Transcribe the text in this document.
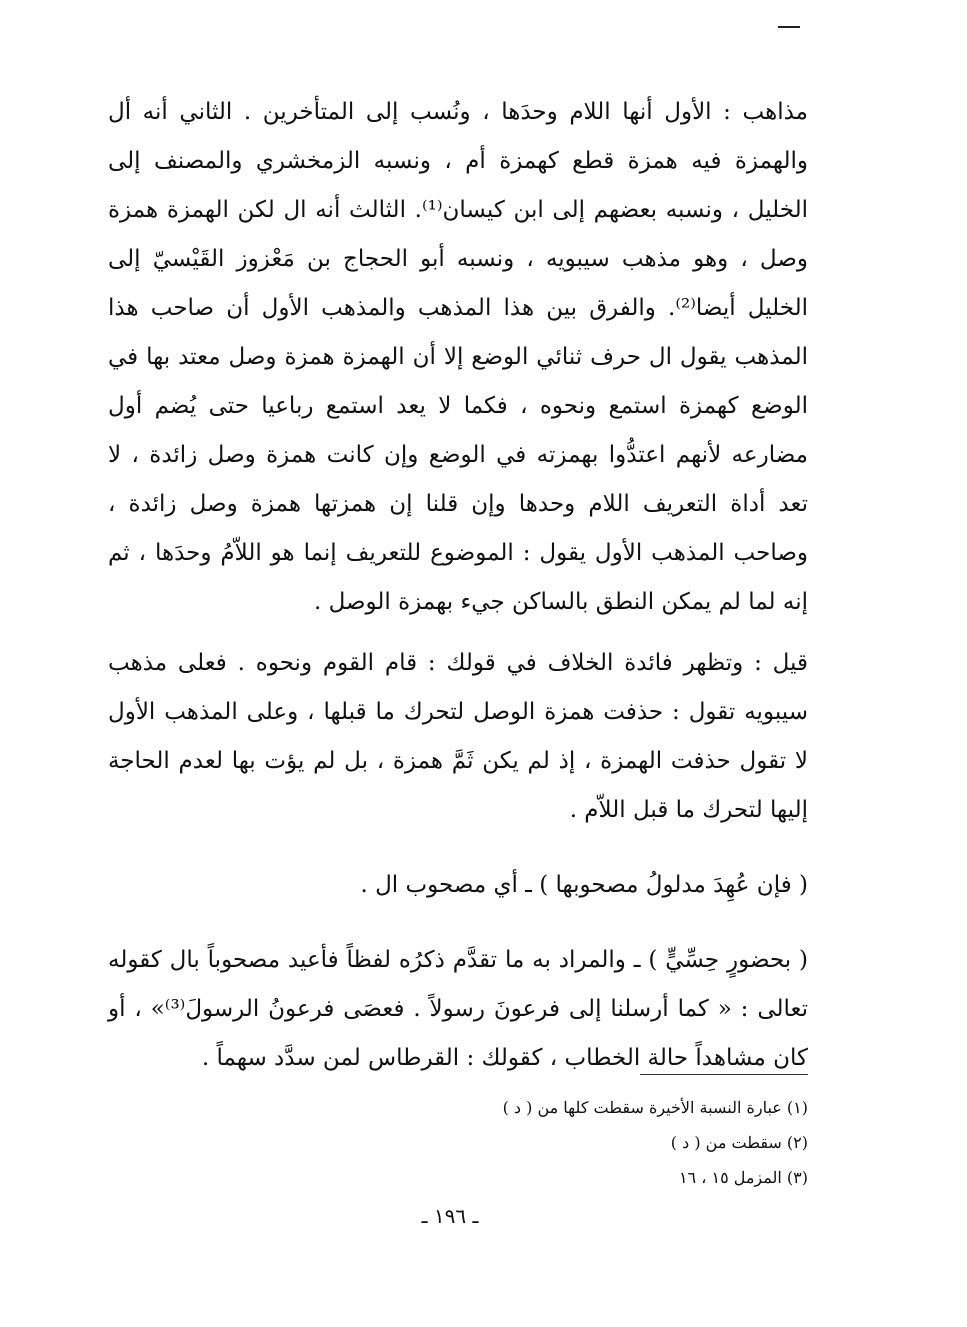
مذاهب : الأول أنها اللام وحدَها ، ونُسب إلى المتأخرين . الثاني أنه أل والهمزة فيه همزة قطع كهمزة أم ، ونسبه الزمخشري والمصنف إلى الخليل ، ونسبه بعضهم إلى ابن كيسان⁽¹⁾. الثالث أنه ال لكن الهمزة همزة وصل ، وهو مذهب سيبويه ، ونسبه أبو الحجاج بن مَعْزوز القَيْسيّ إلى الخليل أيضا⁽²⁾. والفرق بين هذا المذهب والمذهب الأول أن صاحب هذا المذهب يقول ال حرف ثنائي الوضع إلا أن الهمزة همزة وصل معتد بها في الوضع كهمزة استمع ونحوه ، فكما لا يعد استمع رباعيا حتى يُضم أول مضارعه لأنهم اعتدُّوا بهمزته في الوضع وإن كانت همزة وصل زائدة ، لا تعد أداة التعريف اللام وحدها وإن قلنا إن همزتها همزة وصل زائدة ، وصاحب المذهب الأول يقول : الموضوع للتعريف إنما هو اللاّمُ وحدَها ، ثم إنه لما لم يمكن النطق بالساكن جيء بهمزة الوصل .

قيل : وتظهر فائدة الخلاف في قولك : قام القوم ونحوه . فعلى مذهب سيبويه تقول : حذفت همزة الوصل لتحرك ما قبلها ، وعلى المذهب الأول لا تقول حذفت الهمزة ، إذ لم يكن ثَمَّ همزة ، بل لم يؤت بها لعدم الحاجة إليها لتحرك ما قبل اللاّم .

( فإن عُهِدَ مدلولُ مصحوبها ) ـ أي مصحوب ال .

( بحضورٍ حِسِّيٍّ ) ـ والمراد به ما تقدَّم ذكرُه لفظاً فأعيد مصحوباً بال كقوله تعالى : « كما أرسلنا إلى فرعونَ رسولاً . فعصَى فرعونُ الرسولَ⁽³⁾» ، أو كان مشاهداً حالة الخطاب ، كقولك : القرطاس لمن سدَّد سهماً .

(١) عبارة النسبة الأخيرة سقطت كلها من ( د )

(٢) سقطت من ( د )

(٣) المزمل ١٥ ، ١٦

ـ ١٩٦ ـ
